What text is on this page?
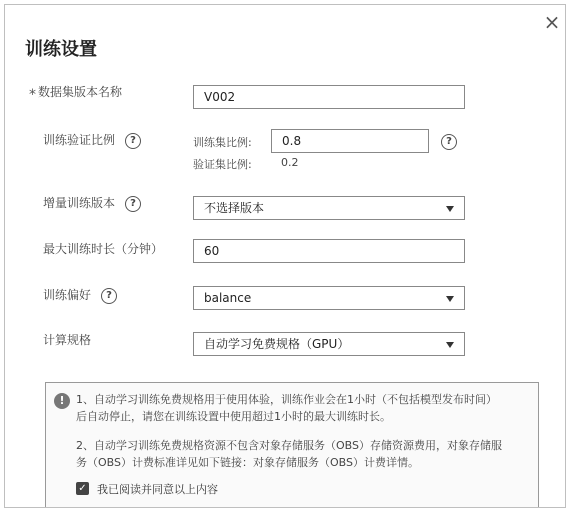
训练设置
×
* 数据集版本名称	V002
训练验证比例 ?	训练集比例:	0.8	?
验证集比例:	0.2
增量训练版本 ?	不选择版本
最大训练时长（分钟）	60
训练偏好 ?	balance
计算规格	自动学习免费规格（GPU）
!	1、自动学习训练免费规格用于使用体验，训练作业会在1小时（不包括模型发布时间）
后自动停止，请您在训练设置中使用超过1小时的最大训练时长。
2、自动学习训练免费规格资源不包含对象存储服务（OBS）存储资源费用，对象存储服
务（OBS）计费标准详见如下链接：对象存储服务（OBS）计费详情。
✓ 我已阅读并同意以上内容
